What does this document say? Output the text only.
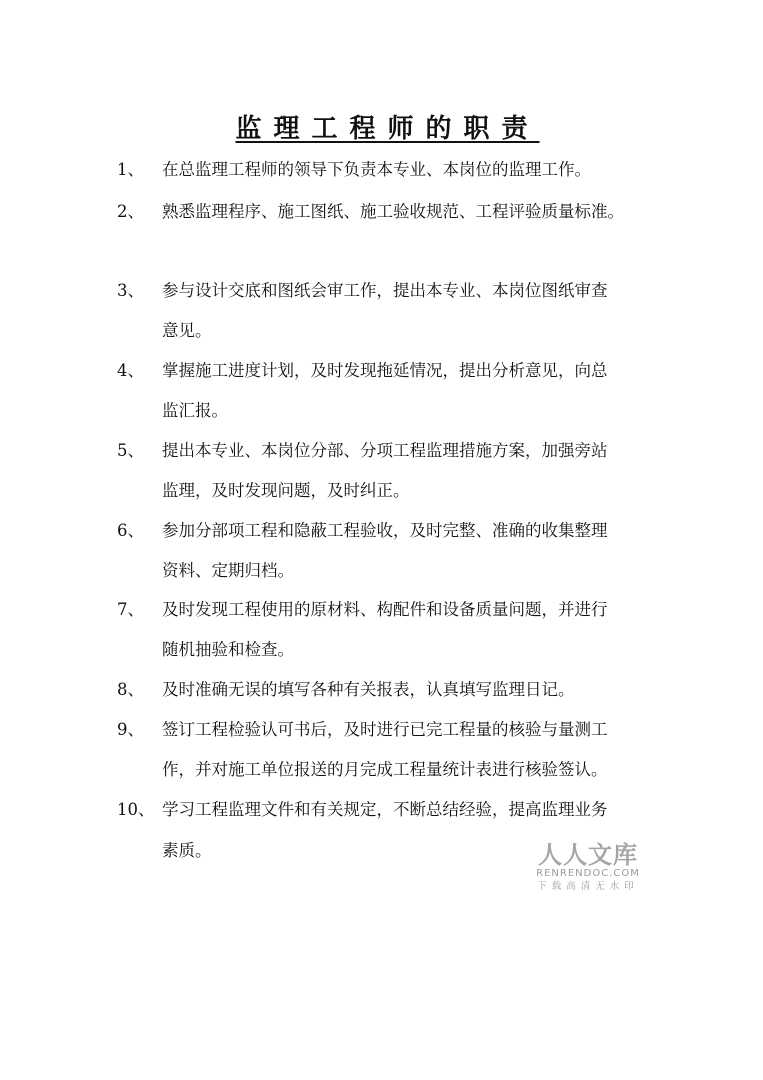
监理工程师的职责
1、 在总监理工程师的领导下负责本专业、本岗位的监理工作。
2、 熟悉监理程序、施工图纸、施工验收规范、工程评验质量标准。
3、 参与设计交底和图纸会审工作，提出本专业、本岗位图纸审查
意见。
4、 掌握施工进度计划，及时发现拖延情况，提出分析意见，向总
监汇报。
5、 提出本专业、本岗位分部、分项工程监理措施方案，加强旁站
监理，及时发现问题，及时纠正。
6、 参加分部项工程和隐蔽工程验收，及时完整、准确的收集整理
资料、定期归档。
7、 及时发现工程使用的原材料、构配件和设备质量问题，并进行
随机抽验和检查。
8、 及时准确无误的填写各种有关报表，认真填写监理日记。
9、 签订工程检验认可书后，及时进行已完工程量的核验与量测工
作，并对施工单位报送的月完成工程量统计表进行核验签认。
10、 学习工程监理文件和有关规定，不断总结经验，提高监理业务
素质。	人人文库
RENRENDOC.COM
下载高清无水印
